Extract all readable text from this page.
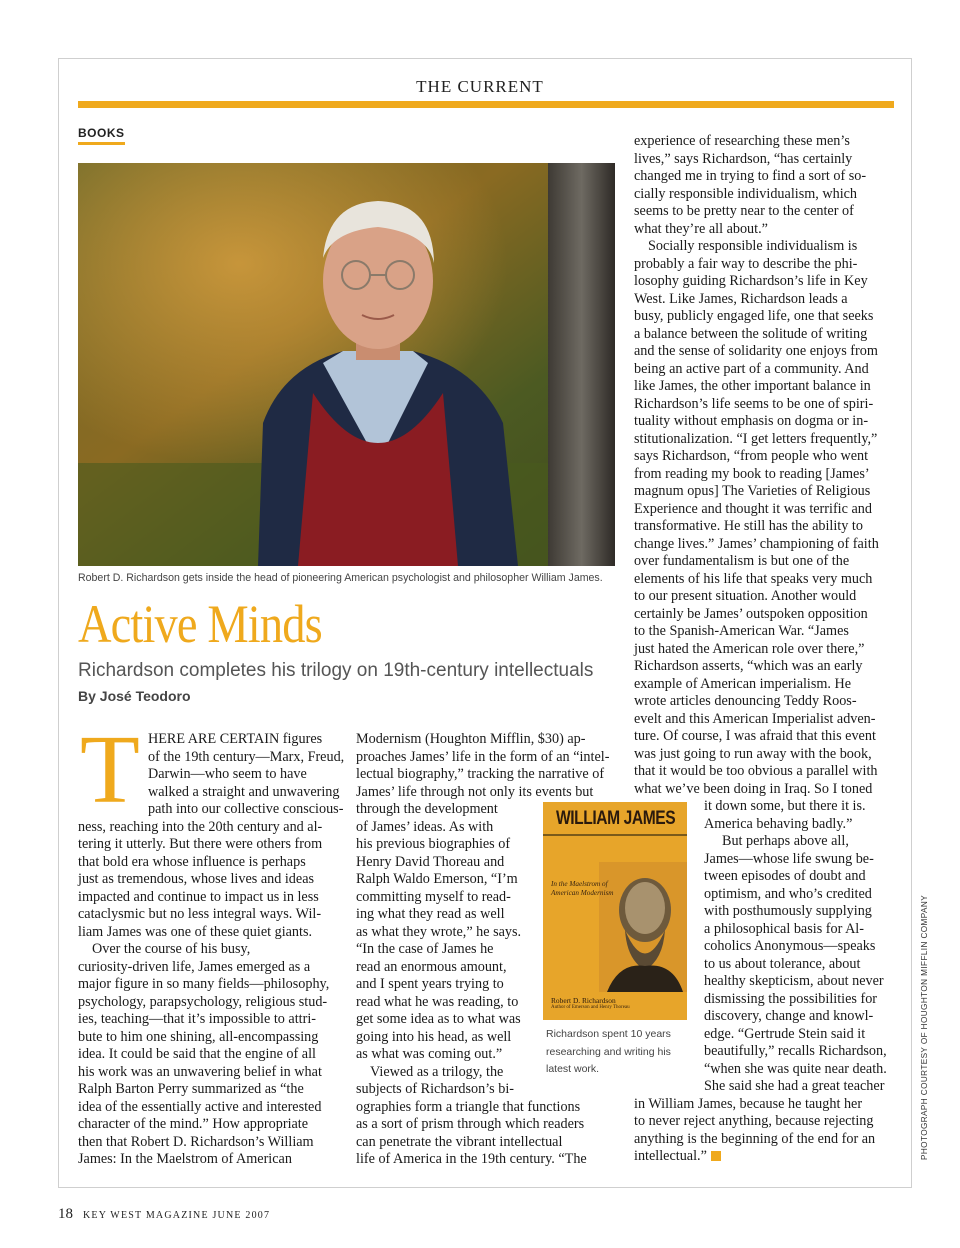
THE CURRENT
BOOKS
Robert D. Richardson gets inside the head of pioneering American psychologist and philosopher William James.
Active Minds
Richardson completes his trilogy on 19th-century intellectuals
By José Teodoro
T HERE ARE CERTAIN figures
of the 19th century—Marx, Freud,
Darwin—who seem to have
walked a straight and unwavering
path into our collective conscious-
ness, reaching into the 20th century and al-
tering it utterly. But there were others from
that bold era whose influence is perhaps
just as tremendous, whose lives and ideas
impacted and continue to impact us in less
cataclysmic but no less integral ways. Wil-
liam James was one of these quiet giants.
Over the course of his busy,
curiosity-driven life, James emerged as a
major figure in so many fields—philosophy,
psychology, parapsychology, religious stud-
ies, teaching—that it’s impossible to attri-
bute to him one shining, all-encompassing
idea. It could be said that the engine of all
his work was an unwavering belief in what
Ralph Barton Perry summarized as “the
idea of the essentially active and interested
character of the mind.” How appropriate
then that Robert D. Richardson’s William
James: In the Maelstrom of American
Modernism (Houghton Mifflin, $30) ap-
proaches James’ life in the form of an “intel-
lectual biography,” tracking the narrative of
James’ life through not only its events but
through the development
of James’ ideas. As with
his previous biographies of
Henry David Thoreau and
Ralph Waldo Emerson, “I’m
committing myself to read-
ing what they read as well
as what they wrote,” he says.
“In the case of James he
read an enormous amount,
and I spent years trying to
read what he was reading, to
get some idea as to what was
going into his head, as well
as what was coming out.”
Viewed as a trilogy, the
subjects of Richardson’s bi-
ographies form a triangle that functions
as a sort of prism through which readers
can penetrate the vibrant intellectual
life of America in the 19th century. “The
experience of researching these men’s
lives,” says Richardson, “has certainly
changed me in trying to find a sort of so-
cially responsible individualism, which
seems to be pretty near to the center of
what they’re all about.”
Socially responsible individualism is
probably a fair way to describe the phi-
losophy guiding Richardson’s life in Key
West. Like James, Richardson leads a
busy, publicly engaged life, one that seeks
a balance between the solitude of writing
and the sense of solidarity one enjoys from
being an active part of a community. And
like James, the other important balance in
Richardson’s life seems to be one of spiri-
tuality without emphasis on dogma or in-
stitutionalization. “I get letters frequently,”
says Richardson, “from people who went
from reading my book to reading [James’
magnum opus] The Varieties of Religious
Experience and thought it was terrific and
transformative. He still has the ability to
change lives.” James’ championing of faith
over fundamentalism is but one of the
elements of his life that speaks very much
to our present situation. Another would
certainly be James’ outspoken opposition
to the Spanish-American War. “James
just hated the American role over there,”
Richardson asserts, “which was an early
example of American imperialism. He
wrote articles denouncing Teddy Roos-
evelt and this American Imperialist adven-
ture. Of course, I was afraid that this event
was just going to run away with the book,
that it would be too obvious a parallel with
what we’ve been doing in Iraq. So I toned
it down some, but there it is.
America behaving badly.”
But perhaps above all,
James—whose life swung be-
tween episodes of doubt and
optimism, and who’s credited
with posthumously supplying
a philosophical basis for Al-
coholics Anonymous—speaks
to us about tolerance, about
healthy skepticism, about never
dismissing the possibilities for
discovery, change and knowl-
edge. “Gertrude Stein said it
beautifully,” recalls Richardson,
“when she was quite near death.
She said she had a great teacher
in William James, because he taught her
to never reject anything, because rejecting
anything is the beginning of the end for an
intellectual.”
WILLIAM JAMES
In the Maelstrom of American Modernism
Robert D. Richardson
Author of Emerson and Henry Thoreau
Richardson spent 10 years researching and writing his latest work.	PHOTOGRAPH COURTESY OF HOUGHTON MIFFLIN COMPANY
18 KEY WEST MAGAZINE JUNE 2007
